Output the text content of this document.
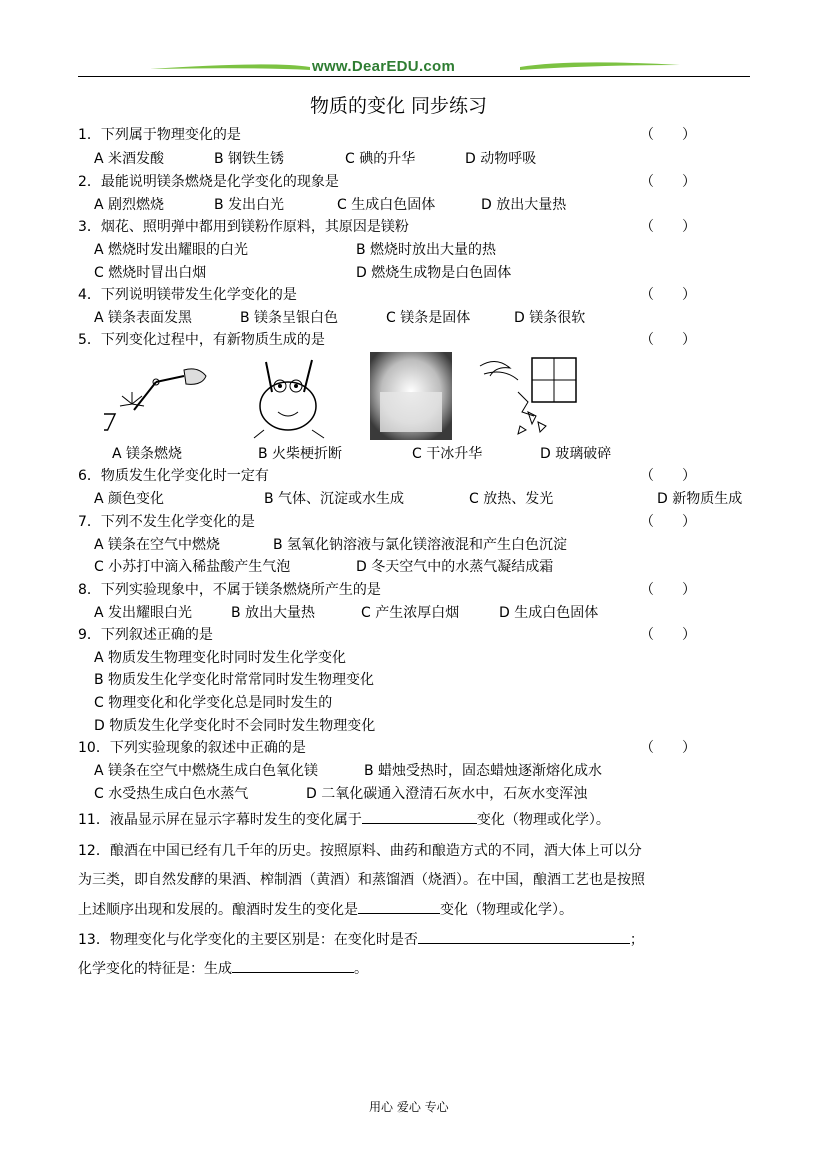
www.DearEDU.com
物质的变化 同步练习
1．下列属于物理变化的是	（　　）
A 米酒发酸	B 钢铁生锈	C 碘的升华	D 动物呼吸
2．最能说明镁条燃烧是化学变化的现象是	（　　）
A 剧烈燃烧	B 发出白光	C 生成白色固体	D 放出大量热
3．烟花、照明弹中都用到镁粉作原料，其原因是镁粉	（　　）
A 燃烧时发出耀眼的白光	B 燃烧时放出大量的热
C 燃烧时冒出白烟	D 燃烧生成物是白色固体
4．下列说明镁带发生化学变化的是	（　　）
A 镁条表面发黑	B 镁条呈银白色	C 镁条是固体	D 镁条很软
5．下列变化过程中，有新物质生成的是	（　　）
A 镁条燃烧	B 火柴梗折断	C 干冰升华	D 玻璃破碎
6．物质发生化学变化时一定有	（　　）
A 颜色变化	B 气体、沉淀或水生成	C 放热、发光	D 新物质生成
7．下列不发生化学变化的是	（　　）
A 镁条在空气中燃烧	B 氢氧化钠溶液与氯化镁溶液混和产生白色沉淀
C 小苏打中滴入稀盐酸产生气泡	D 冬天空气中的水蒸气凝结成霜
8．下列实验现象中，不属于镁条燃烧所产生的是	（　　）
A 发出耀眼白光	B 放出大量热	C 产生浓厚白烟	D 生成白色固体
9．下列叙述正确的是	（　　）
A 物质发生物理变化时同时发生化学变化
B 物质发生化学变化时常常同时发生物理变化
C 物理变化和化学变化总是同时发生的
D 物质发生化学变化时不会同时发生物理变化
10．下列实验现象的叙述中正确的是	（　　）
A 镁条在空气中燃烧生成白色氧化镁	B 蜡烛受热时，固态蜡烛逐渐熔化成水
C 水受热生成白色水蒸气	D 二氧化碳通入澄清石灰水中，石灰水变浑浊
11．液晶显示屏在显示字幕时发生的变化属于	变化（物理或化学）。
12．酿酒在中国已经有几千年的历史。按照原料、曲药和酿造方式的不同，酒大体上可以分
为三类，即自然发酵的果酒、榨制酒（黄酒）和蒸馏酒（烧酒）。在中国，酿酒工艺也是按照
上述顺序出现和发展的。酿酒时发生的变化是	变化（物理或化学）。
13．物理变化与化学变化的主要区别是：在变化时是否	；
化学变化的特征是：生成	。
用心 爱心 专心
